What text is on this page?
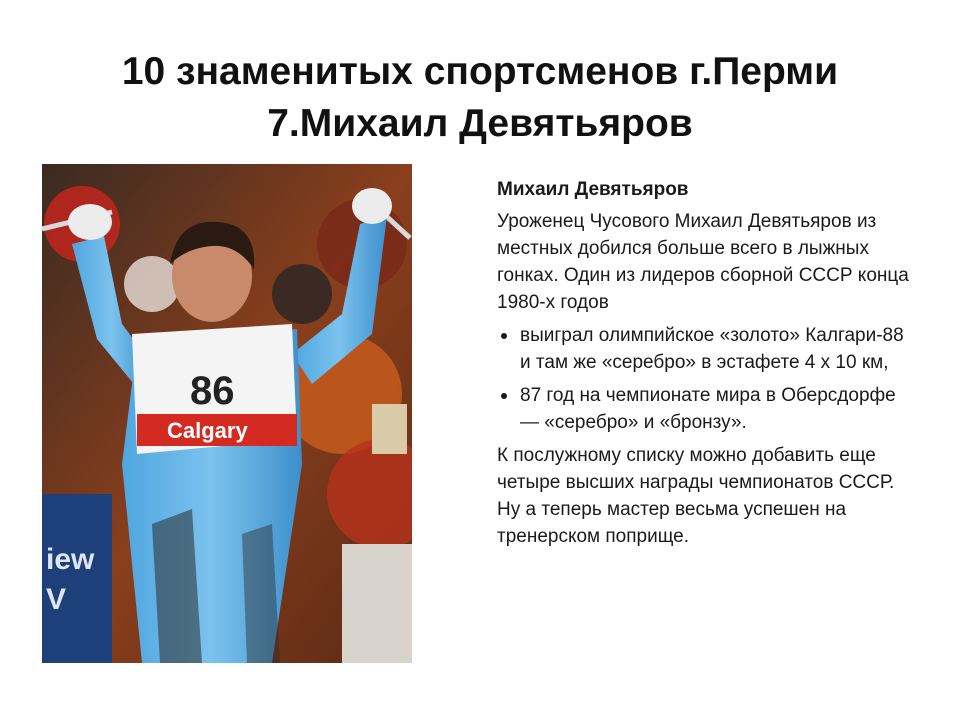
10 знаменитых спортсменов г.Перми
7.Михаил Девятьяров
iew
V
86
Calgary

Михаил Девятьяров

Уроженец Чусового Михаил Девятьяров из местных добился больше всего в лыжных гонках. Один из лидеров сборной СССР конца 1980-х годов

выиграл олимпийское «золото» Калгари-88 и там же «серебро» в эстафете 4 х 10 км,
87 год на чемпионате мира в Оберсдорфе — «серебро» и «бронзу».

К послужному списку можно добавить еще четыре высших награды чемпионатов СССР. Ну а теперь мастер весьма успешен на тренерском поприще.
